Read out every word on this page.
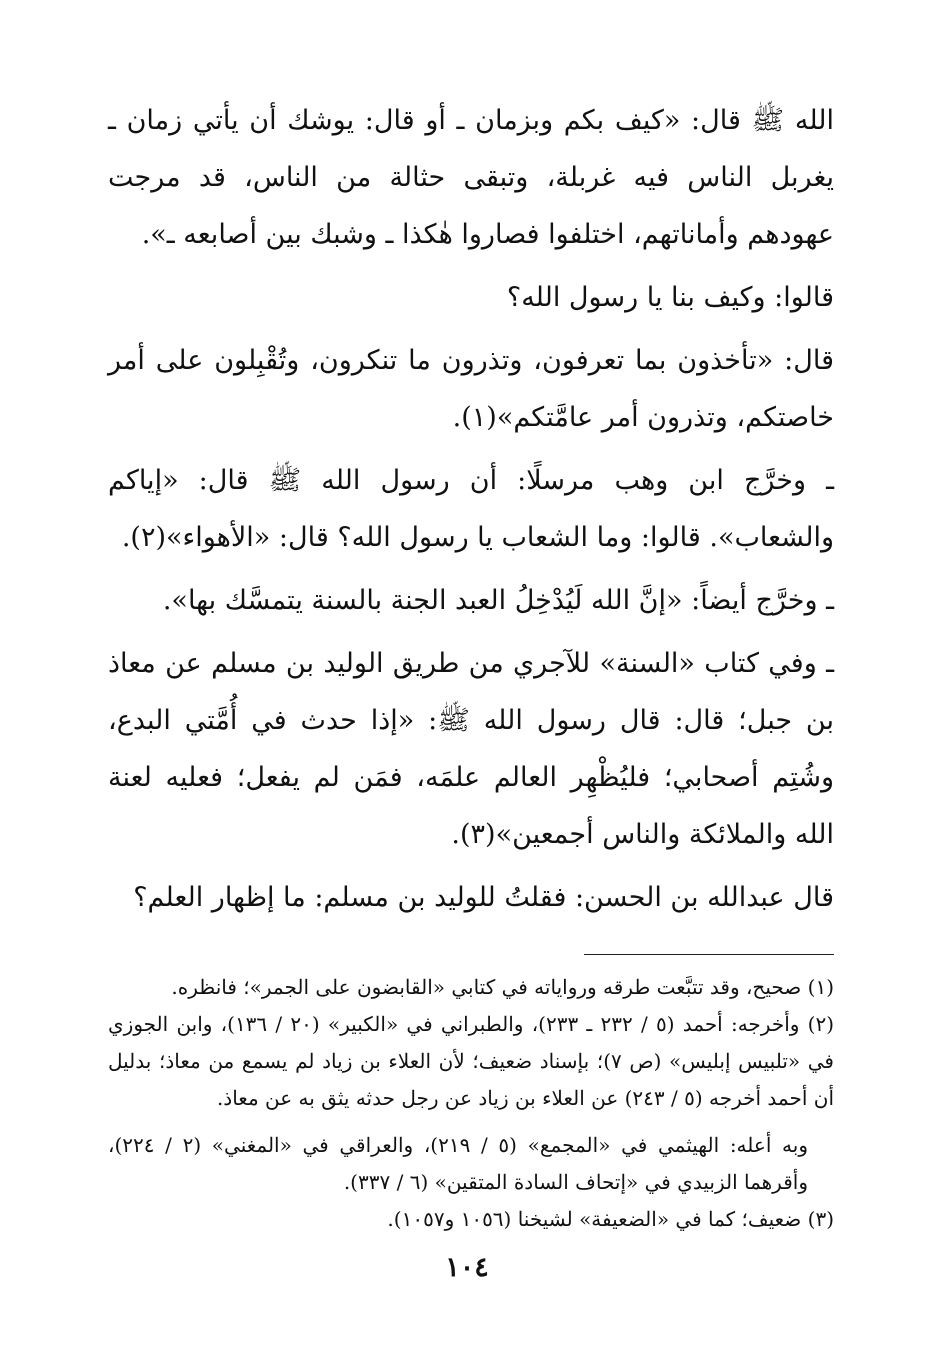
الله ﷺ قال: «كيف بكم وبزمان ـ أو قال: يوشك أن يأتي زمان ـ يغربل الناس فيه غربلة، وتبقى حثالة من الناس، قد مرجت عهودهم وأماناتهم، اختلفوا فصاروا هٰكذا ـ وشبك بين أصابعه ـ».

قالوا: وكيف بنا يا رسول الله؟

قال: «تأخذون بما تعرفون، وتذرون ما تنكرون، وتُقْبِلون على أمر خاصتكم، وتذرون أمر عامَّتكم»(١).

ـ وخرَّج ابن وهب مرسلًا: أن رسول الله ﷺ قال: «إياكم والشعاب». قالوا: وما الشعاب يا رسول الله؟ قال: «الأهواء»(٢).

ـ وخرَّج أيضاً: «إنَّ الله لَيُدْخِلُ العبد الجنة بالسنة يتمسَّك بها».

ـ وفي كتاب «السنة» للآجري من طريق الوليد بن مسلم عن معاذ بن جبل؛ قال: قال رسول الله ﷺ: «إذا حدث في أُمَّتي البدع، وشُتِم أصحابي؛ فليُظْهِر العالم علمَه، فمَن لم يفعل؛ فعليه لعنة الله والملائكة والناس أجمعين»(٣).

قال عبدالله بن الحسن: فقلتُ للوليد بن مسلم: ما إظهار العلم؟

(١) صحيح، وقد تتبَّعت طرقه ورواياته في كتابي «القابضون على الجمر»؛ فانظره.

(٢) وأخرجه: أحمد (٥ / ٢٣٢ ـ ٢٣٣)، والطبراني في «الكبير» (٢٠ / ١٣٦)، وابن الجوزي في «تلبيس إبليس» (ص ٧)؛ بإسناد ضعيف؛ لأن العلاء بن زياد لم يسمع من معاذ؛ بدليل أن أحمد أخرجه (٥ / ٢٤٣) عن العلاء بن زياد عن رجل حدثه يثق به عن معاذ.

وبه أعله: الهيثمي في «المجمع» (٥ / ٢١٩)، والعراقي في «المغني» (٢ / ٢٢٤)، وأقرهما الزبيدي في «إتحاف السادة المتقين» (٦ / ٣٣٧).

(٣) ضعيف؛ كما في «الضعيفة» لشيخنا (١٠٥٦ و١٠٥٧).

١٠٤
